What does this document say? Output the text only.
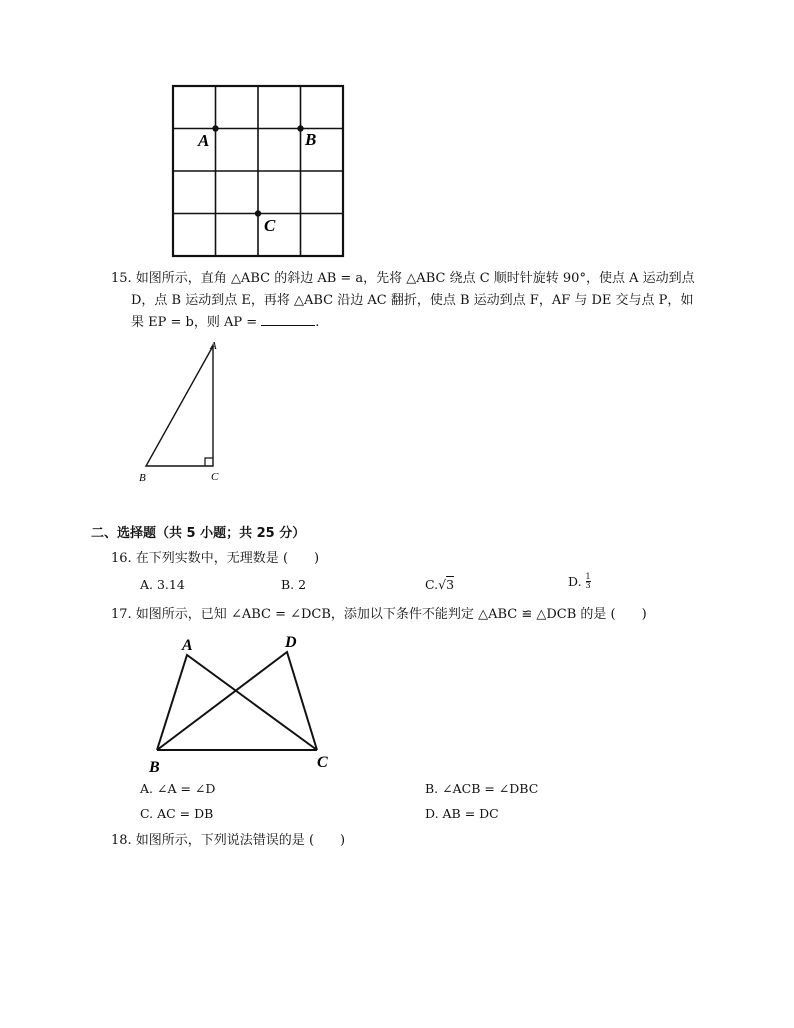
A	B
C
15. 如图所示，直角 △ABC 的斜边 AB = a，先将 △ABC 绕点 C 顺时针旋转 90°，使点 A 运动到点
D，点 B 运动到点 E，再将 △ABC 沿边 AC 翻折，使点 B 运动到点 F，AF 与 DE 交与点 P，如
果 EP = b，则 AP =	.
A
B	C
二、选择题（共 5 小题；共 25 分）
16. 在下列实数中，无理数是 (　　)
A. 3.14	B. 2	C.√3	D. $\frac{1}{3}$
17. 如图所示，已知 ∠ABC = ∠DCB，添加以下条件不能判定 △ABC ≌ △DCB 的是 (　　)
A	D
B	C
A. ∠A = ∠D	B. ∠ACB = ∠DBC
C. AC = DB	D. AB = DC
18. 如图所示，下列说法错误的是 (　　)
